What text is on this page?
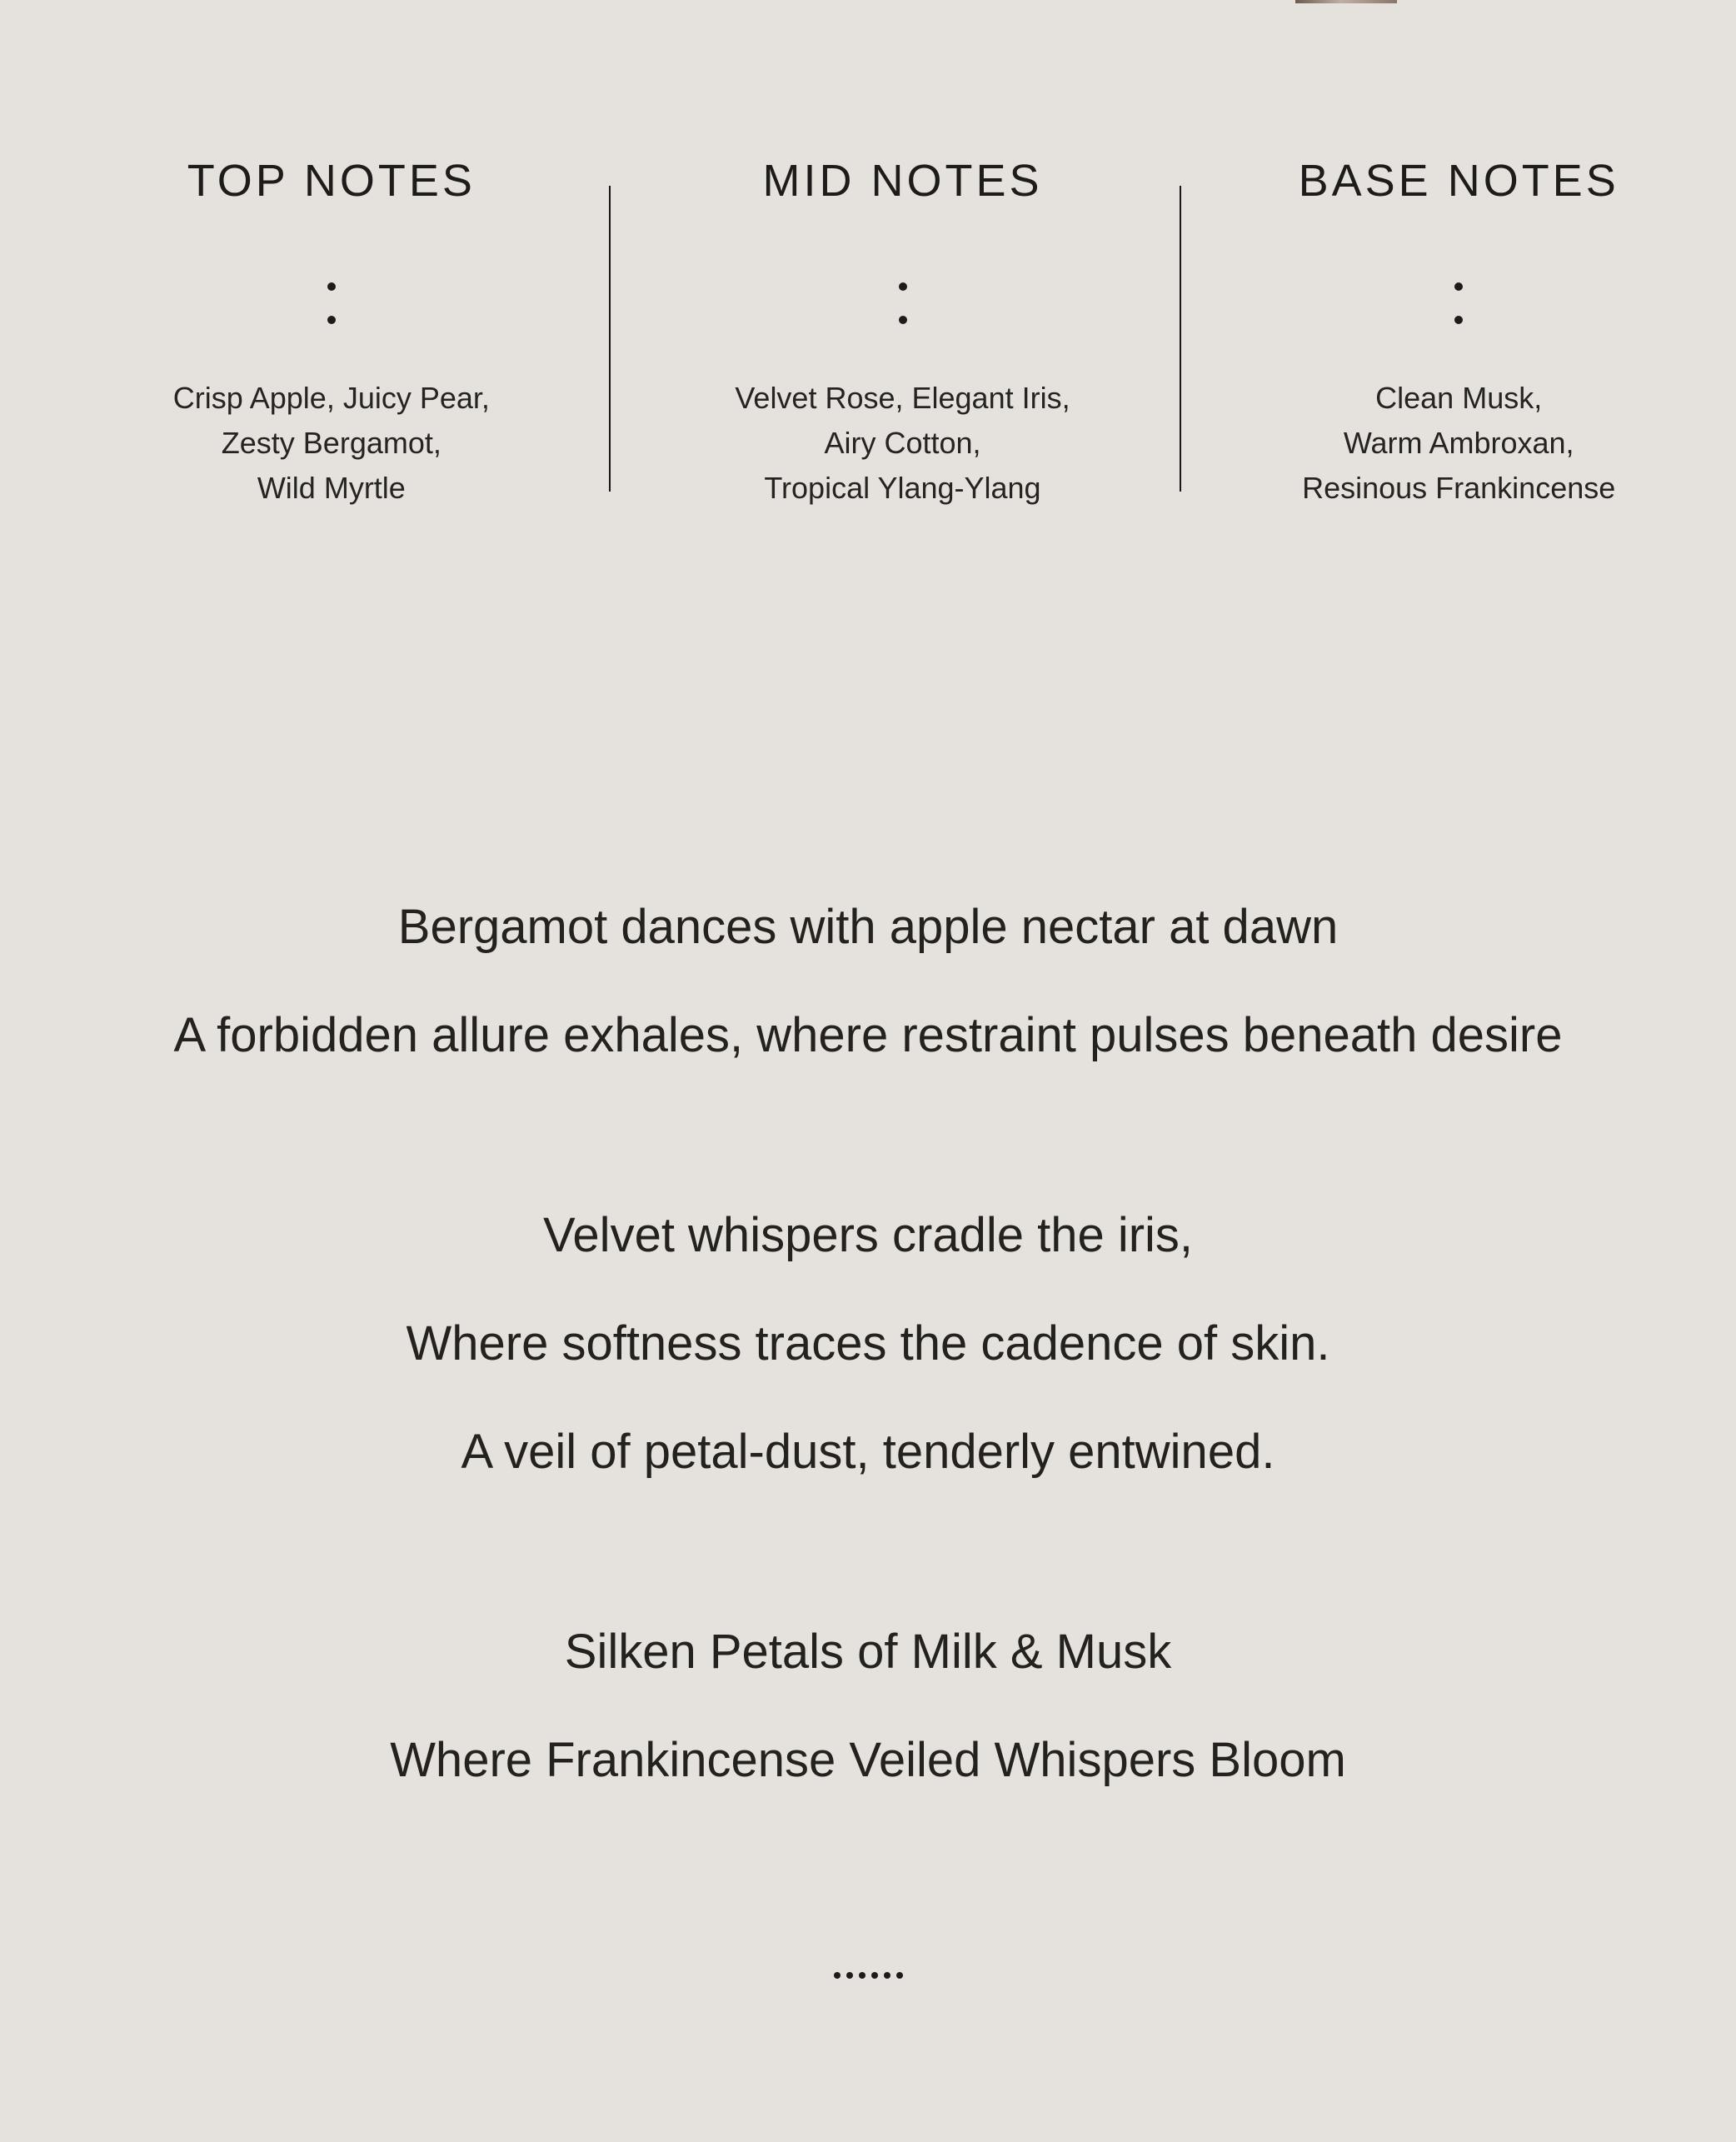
TOP NOTES
Crisp Apple, Juicy Pear,
Zesty Bergamot,
Wild Myrtle
MID NOTES
Velvet Rose, Elegant Iris,
Airy Cotton,
Tropical Ylang-Ylang
BASE NOTES
Clean Musk,
Warm Ambroxan,
Resinous Frankincense

Bergamot dances with apple nectar at dawn

A forbidden allure exhales, where restraint pulses beneath desire

Velvet whispers cradle the iris,

Where softness traces the cadence of skin.

A veil of petal-dust, tenderly entwined.

Silken Petals of Milk & Musk

Where Frankincense Veiled Whispers Bloom
